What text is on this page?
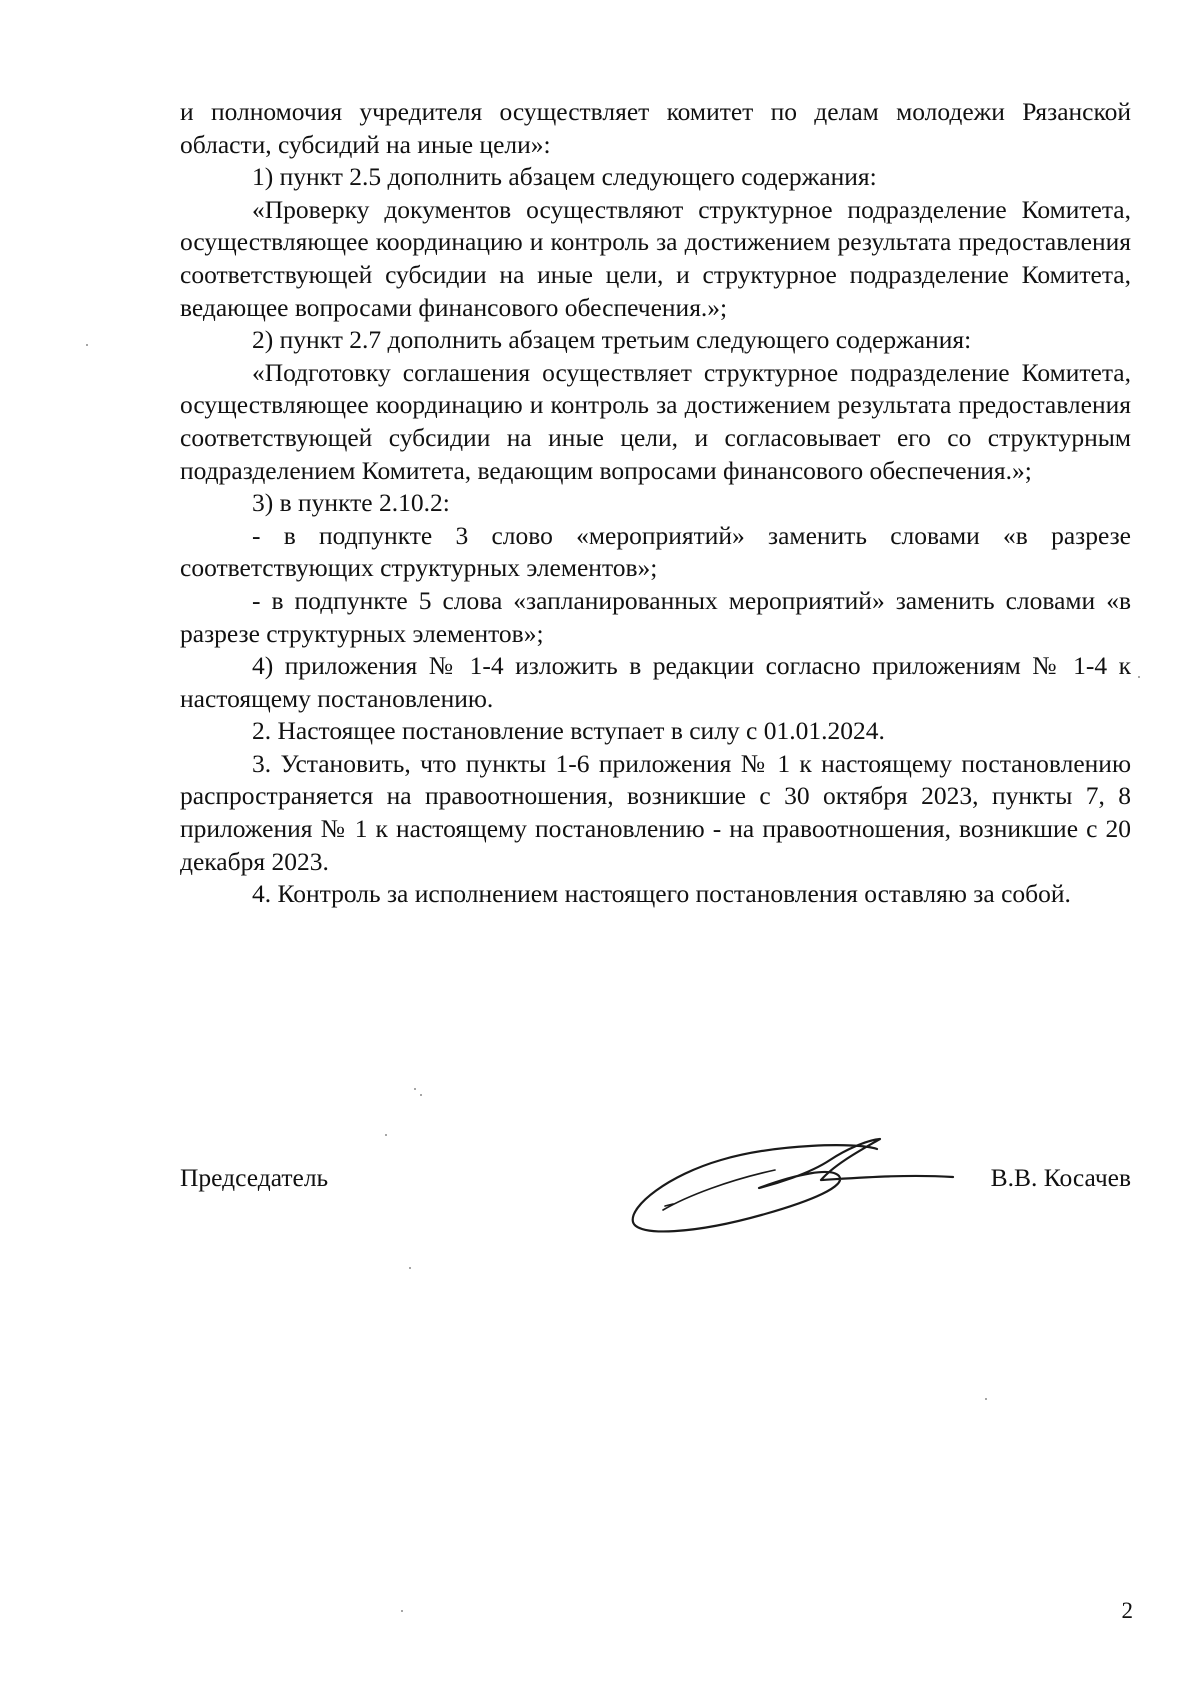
и полномочия учредителя осуществляет комитет по делам молодежи Рязанской области, субсидий на иные цели»:

1) пункт 2.5 дополнить абзацем следующего содержания:

«Проверку документов осуществляют структурное подразделение Комитета, осуществляющее координацию и контроль за достижением результата предоставления соответствующей субсидии на иные цели, и структурное подразделение Комитета, ведающее вопросами финансового обеспечения.»;

2) пункт 2.7 дополнить абзацем третьим следующего содержания:

«Подготовку соглашения осуществляет структурное подразделение Комитета, осуществляющее координацию и контроль за достижением результата предоставления соответствующей субсидии на иные цели, и согласовывает его со структурным подразделением Комитета, ведающим вопросами финансового обеспечения.»;

3) в пункте 2.10.2:

- в подпункте 3 слово «мероприятий» заменить словами «в разрезе соответствующих структурных элементов»;

- в подпункте 5 слова «запланированных мероприятий» заменить словами «в разрезе структурных элементов»;

4) приложения № 1-4 изложить в редакции согласно приложениям № 1-4 к настоящему постановлению.

2. Настоящее постановление вступает в силу с 01.01.2024.

3. Установить, что пункты 1-6 приложения № 1 к настоящему постановлению распространяется на правоотношения, возникшие с 30 октября 2023, пункты 7, 8 приложения № 1 к настоящему постановлению - на правоотношения, возникшие с 20 декабря 2023.

4. Контроль за исполнением настоящего постановления оставляю за собой.

Председатель	В.В. Косачев
2
